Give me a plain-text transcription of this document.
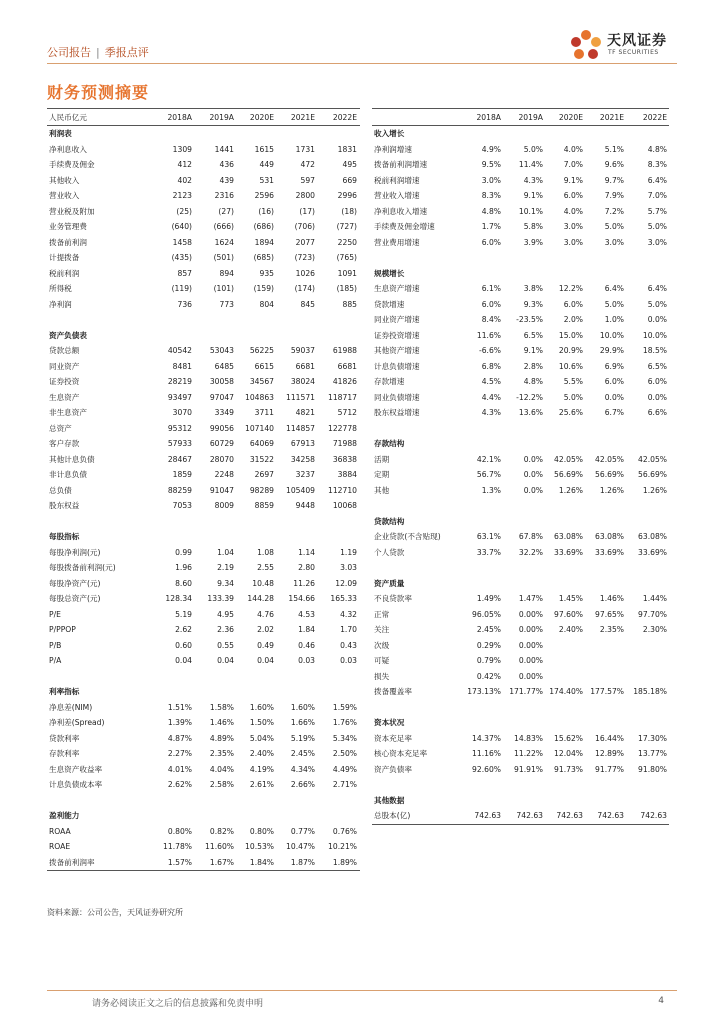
公司报告 | 季报点评
天风证券
TF SECURITIES
财务预测摘要
人民币亿元	2018A 2019A 2020E 2021E 2022E
利润表
净利息收入	1309	1441	1615	1731	1831
手续费及佣金	412	436	449	472	495
其他收入	402	439	531	597	669
营业收入	2123	2316	2596	2800	2996
营业税及附加	(25)	(27)	(16)	(17)	(18)
业务管理费	(640)	(666)	(686)	(706)	(727)
拨备前利润	1458	1624	1894	2077	2250
计提拨备	(435)	(501)	(685)	(723)	(765)
税前利润	857	894	935	1026	1091
所得税	(119)	(101)	(159)	(174)	(185)
净利润	736	773	804	845	885
资产负债表
贷款总额	40542 53043 56225 59037 61988
同业资产	8481	6485	6615	6681	6681
证券投资	28219 30058 34567 38024 41826
生息资产	93497 97047 104863 111571 118717
非生息资产	3070	3349	3711	4821	5712
总资产	95312 99056 107140 114857 122778
客户存款	57933 60729 64069 67913 71988
其他计息负债	28467 28070 31522 34258 36838
非计息负债	1859	2248	2697	3237	3884
总负债	88259 91047 98289 105409 112710
股东权益	7053	8009	8859	9448 10068
每股指标
每股净利润(元)	0.99	1.04	1.08	1.14	1.19
每股拨备前利润(元)	1.96	2.19	2.55	2.80	3.03
每股净资产(元)	8.60	9.34 10.48	11.26	12.09
每股总资产(元)	128.34 133.39 144.28 154.66 165.33
P/E	5.19	4.95	4.76	4.53	4.32
P/PPOP	2.62	2.36	2.02	1.84	1.70
P/B	0.60	0.55	0.49	0.46	0.43
P/A	0.04	0.04	0.04	0.03	0.03
利率指标
净息差(NIM)	1.51% 1.58% 1.60% 1.60% 1.59%
净利差(Spread)	1.39% 1.46% 1.50% 1.66% 1.76%
贷款利率	4.87% 4.89% 5.04% 5.19% 5.34%
存款利率	2.27% 2.35% 2.40% 2.45% 2.50%
生息资产收益率	4.01% 4.04% 4.19% 4.34% 4.49%
计息负债成本率	2.62% 2.58% 2.61% 2.66% 2.71%
盈利能力
ROAA	0.80% 0.82% 0.80% 0.77% 0.76%
ROAE	11.78% 11.60% 10.53% 10.47% 10.21%
拨备前利润率	1.57% 1.67% 1.84% 1.87% 1.89%
2018A 2019A 2020E 2021E 2022E
收入增长
净利润增速	4.9%	5.0%	4.0%	5.1%	4.8%
拨备前利润增速	9.5% 11.4%	7.0%	9.6%	8.3%
税前利润增速	3.0%	4.3%	9.1%	9.7%	6.4%
营业收入增速	8.3%	9.1%	6.0%	7.9%	7.0%
净利息收入增速	4.8% 10.1%	4.0%	7.2%	5.7%
手续费及佣金增速	1.7%	5.8%	3.0%	5.0%	5.0%
营业费用增速	6.0%	3.9%	3.0%	3.0%	3.0%
规模增长
生息资产增速	6.1%	3.8% 12.2%	6.4%	6.4%
贷款增速	6.0%	9.3%	6.0%	5.0%	5.0%
同业资产增速	8.4% -23.5%	2.0%	1.0%	0.0%
证券投资增速	11.6%	6.5% 15.0% 10.0% 10.0%
其他资产增速	-6.6%	9.1% 20.9% 29.9% 18.5%
计息负债增速	6.8%	2.8% 10.6%	6.9%	6.5%
存款增速	4.5%	4.8%	5.5%	6.0%	6.0%
同业负债增速	4.4% -12.2%	5.0%	0.0%	0.0%
股东权益增速	4.3% 13.6% 25.6%	6.7%	6.6%
存款结构
活期	42.1%	0.0% 42.05% 42.05% 42.05%
定期	56.7%	0.0% 56.69% 56.69% 56.69%
其他	1.3%	0.0% 1.26% 1.26% 1.26%
贷款结构
企业贷款(不含贴现)	63.1% 67.8% 63.08% 63.08% 63.08%
个人贷款	33.7% 32.2% 33.69% 33.69% 33.69%
资产质量
不良贷款率	1.49% 1.47% 1.45% 1.46% 1.44%
正常	96.05% 0.00% 97.60% 97.65% 97.70%
关注	2.45% 0.00% 2.40% 2.35% 2.30%
次级	0.29% 0.00%
可疑	0.79% 0.00%
损失	0.42% 0.00%
拨备覆盖率	173.13% 171.77% 174.40% 177.57% 185.18%
资本状况
资本充足率	14.37% 14.83% 15.62% 16.44% 17.30%
核心资本充足率	11.16% 11.22% 12.04% 12.89% 13.77%
资产负债率	92.60% 91.91% 91.73% 91.77% 91.80%
其他数据
总股本(亿)	742.63 742.63 742.63 742.63 742.63
资料来源：公司公告，天风证券研究所
请务必阅读正文之后的信息披露和免责申明	4
